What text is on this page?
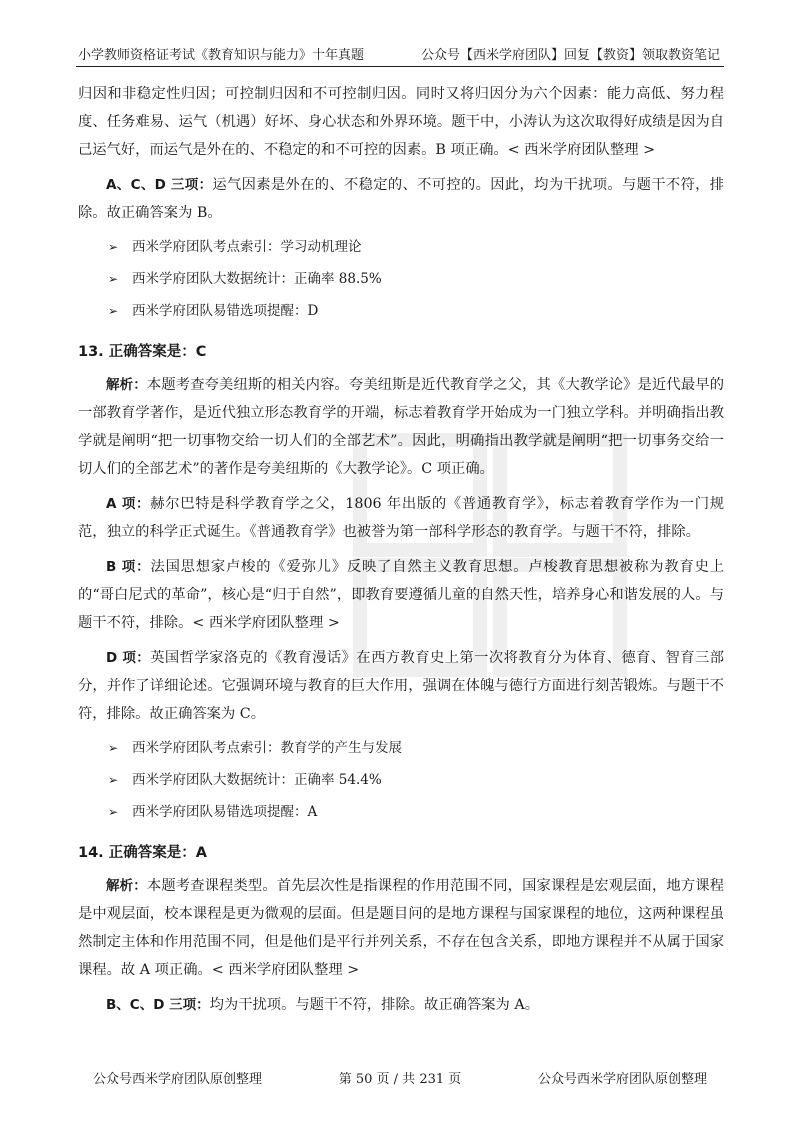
小学教师资格证考试《教育知识与能力》十年真题	公众号【西米学府团队】回复【教资】领取教资笔记

归因和非稳定性归因；可控制归因和不可控制归因。同时又将归因分为六个因素：能力高低、努力程度、任务难易、运气（机遇）好坏、身心状态和外界环境。题干中，小涛认为这次取得好成绩是因为自己运气好，而运气是外在的、不稳定的和不可控的因素。B 项正确。< 西米学府团队整理 >

A、C、D 三项：运气因素是外在的、不稳定的、不可控的。因此，均为干扰项。与题干不符，排除。故正确答案为 B。

➢ 西米学府团队考点索引：学习动机理论
➢ 西米学府团队大数据统计：正确率 88.5%
➢ 西米学府团队易错选项提醒：D
13. 正确答案是：C

解析：本题考查夸美纽斯的相关内容。夸美纽斯是近代教育学之父，其《大教学论》是近代最早的一部教育学著作，是近代独立形态教育学的开端，标志着教育学开始成为一门独立学科。并明确指出教学就是阐明“把一切事物交给一切人们的全部艺术”。因此，明确指出教学就是阐明“把一切事务交给一切人们的全部艺术”的著作是夸美纽斯的《大教学论》。C 项正确。

A 项：赫尔巴特是科学教育学之父，1806 年出版的《普通教育学》，标志着教育学作为一门规范，独立的科学正式诞生。《普通教育学》也被誉为第一部科学形态的教育学。与题干不符，排除。

B 项：法国思想家卢梭的《爱弥儿》反映了自然主义教育思想。卢梭教育思想被称为教育史上的“哥白尼式的革命”，核心是“归于自然”，即教育要遵循儿童的自然天性，培养身心和谐发展的人。与题干不符，排除。< 西米学府团队整理 >

D 项：英国哲学家洛克的《教育漫话》在西方教育史上第一次将教育分为体育、德育、智育三部分，并作了详细论述。它强调环境与教育的巨大作用，强调在体魄与德行方面进行刻苦锻炼。与题干不符，排除。故正确答案为 C。

➢ 西米学府团队考点索引：教育学的产生与发展
➢ 西米学府团队大数据统计：正确率 54.4%
➢ 西米学府团队易错选项提醒：A
14. 正确答案是：A

解析：本题考查课程类型。首先层次性是指课程的作用范围不同，国家课程是宏观层面，地方课程是中观层面，校本课程是更为微观的层面。但是题目问的是地方课程与国家课程的地位，这两种课程虽然制定主体和作用范围不同，但是他们是平行并列关系，不存在包含关系，即地方课程并不从属于国家课程。故 A 项正确。< 西米学府团队整理 >

B、C、D 三项：均为干扰项。与题干不符，排除。故正确答案为 A。

公众号西米学府团队原创整理	第 50 页 / 共 231 页	公众号西米学府团队原创整理
